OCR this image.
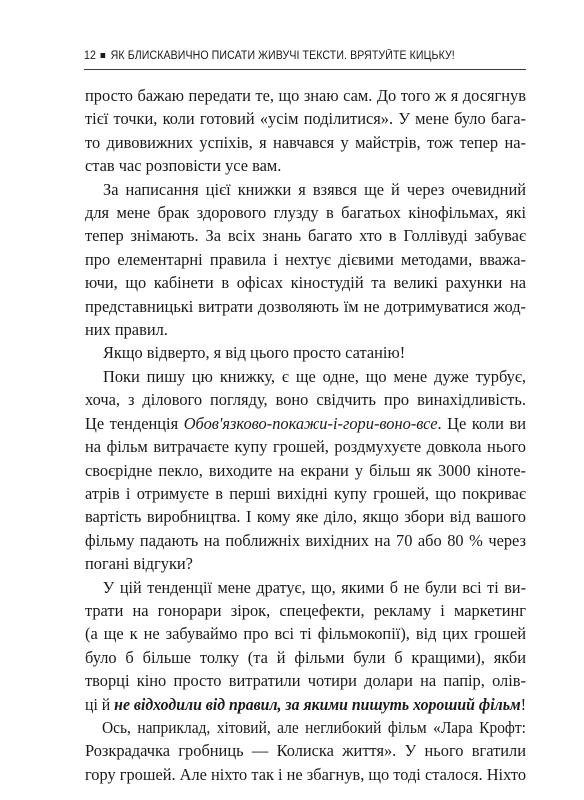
12 ЯК БЛИСКАВИЧНО ПИСАТИ ЖИВУЧІ ТЕКСТИ. ВРЯТУЙТЕ КИЦЬКУ!
просто бажаю передати те, що знаю сам. До того ж я досягнув
тієї точки, коли готовий «усім поділитися». У мене було бага-
то дивовижних успіхів, я навчався у майстрів, тож тепер на-
став час розповісти усе вам.
За написання цієї книжки я взявся ще й через очевидний
для мене брак здорового глузду в багатьох кінофільмах, які
тепер знімають. За всіх знань багато хто в Голлівуді забуває
про елементарні правила і нехтує дієвими методами, вважа-
ючи, що кабінети в офісах кіностудій та великі рахунки на
представницькі витрати дозволяють їм не дотримуватися жод-
них правил.
Якщо відверто, я від цього просто сатанію!
Поки пишу цю книжку, є ще одне, що мене дуже турбує,
хоча, з ділового погляду, воно свідчить про винахідливість.
Це тенденція Обов'язково-покажи-і-гори-воно-все. Це коли ви
на фільм витрачаєте купу грошей, роздмухуєте довкола нього
своєрідне пекло, виходите на екрани у більш як 3000 кінотe-
атрів і отримуєте в перші вихідні купу грошей, що покриває
вартість виробництва. І кому яке діло, якщо збори від вашого
фільму падають на поближніх вихідних на 70 або 80 % через
погані відгуки?
У цій тенденції мене дратує, що, якими б не були всі ті ви-
трати на гонорари зірок, спецефекти, рекламу і маркетинг
(а ще к не забуваймо про всі ті фільмокопії), від цих грошей
було б більше толку (та й фільми були б кращими), якби
творці кіно просто витратили чотири долари на папір, олів-
ці й не відходили від правил, за якими пишуть хороший фільм!
Ось, наприклад, хітовий, але неглибокий фільм «Лара Крофт:
Розкрадачка гробниць — Колиска життя». У нього вгатили
гору грошей. Але ніхто так і не збагнув, що тоді сталося. Ніхто
